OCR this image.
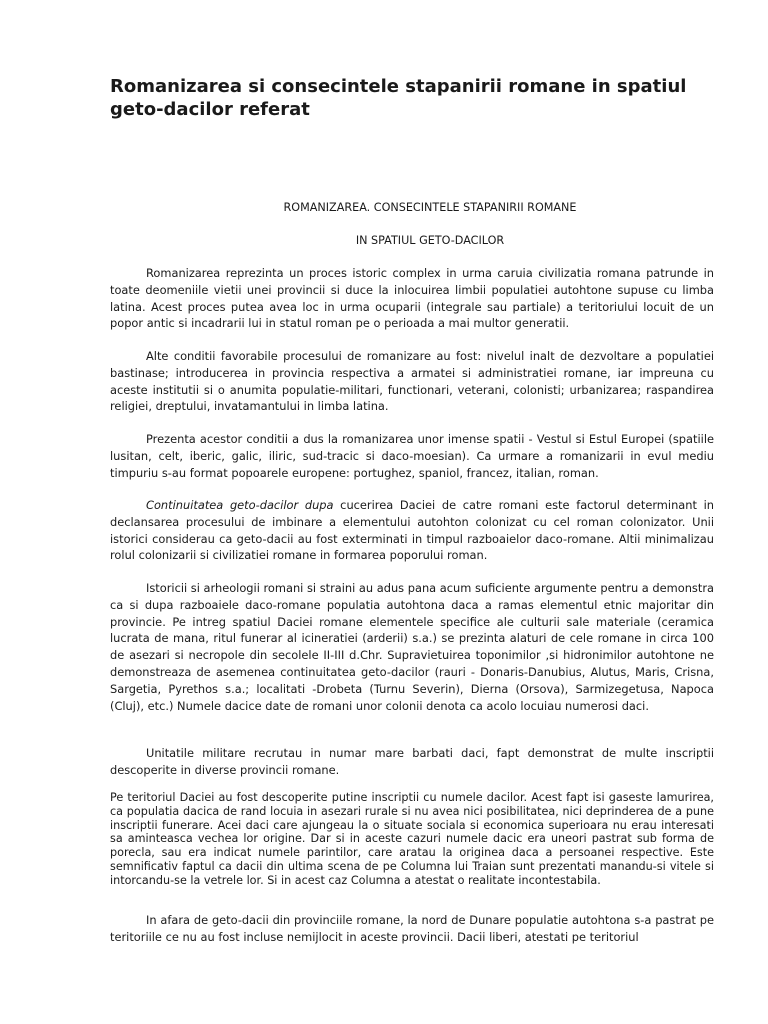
Romanizarea si consecintele stapanirii romane in spatiul geto-dacilor referat

ROMANIZAREA. CONSECINTELE STAPANIRII ROMANE

IN SPATIUL GETO-DACILOR

Romanizarea reprezinta un proces istoric complex in urma caruia civilizatia romana patrunde in toate deomeniile vietii unei provincii si duce la inlocuirea limbii populatiei autohtone supuse cu limba latina. Acest proces putea avea loc in urma ocuparii (integrale sau partiale) a teritoriului locuit de un popor antic si incadrarii lui in statul roman pe o perioada a mai multor generatii.

Alte conditii favorabile procesului de romanizare au fost: nivelul inalt de dezvoltare a populatiei bastinase; introducerea in provincia respectiva a armatei si administratiei romane, iar impreuna cu aceste institutii si o anumita populatie-militari, functionari, veterani, colonisti; urbanizarea; raspandirea religiei, dreptului, invatamantului in limba latina.

Prezenta acestor conditii a dus la romanizarea unor imense spatii - Vestul si Estul Europei (spatiile lusitan, celt, iberic, galic, iliric, sud-tracic si daco-moesian). Ca urmare a romanizarii in evul mediu timpuriu s-au format popoarele europene: portughez, spaniol, francez, italian, roman.

Continuitatea geto-dacilor dupa cucerirea Daciei de catre romani este factorul determinant in declansarea procesului de imbinare a elementului autohton colonizat cu cel roman colonizator. Unii istorici considerau ca geto-dacii au fost exterminati in timpul razboaielor daco-romane. Altii minimalizau rolul colonizarii si civilizatiei romane in formarea poporului roman.

Istoricii si arheologii romani si straini au adus pana acum suficiente argumente pentru a demonstra ca si dupa razboaiele daco-romane populatia autohtona daca a ramas elementul etnic majoritar din provincie. Pe intreg spatiul Daciei romane elementele specifice ale culturii sale materiale (ceramica lucrata de mana, ritul funerar al icineratiei (arderii) s.a.) se prezinta alaturi de cele romane in circa 100 de asezari si necropole din secolele II-III d.Chr. Supravietuirea toponimilor ,si hidronimilor autohtone ne demonstreaza de asemenea continuitatea geto-dacilor (rauri - Donaris-Danubius, Alutus, Maris, Crisna, Sargetia, Pyrethos s.a.; localitati -Drobeta (Turnu Severin), Dierna (Orsova), Sarmizegetusa, Napoca (Cluj), etc.) Numele dacice date de romani unor colonii denota ca acolo locuiau numerosi daci.

Unitatile militare recrutau in numar mare barbati daci, fapt demonstrat de multe inscriptii descoperite in diverse provincii romane.

Pe teritoriul Daciei au fost descoperite putine inscriptii cu numele dacilor. Acest fapt isi gaseste lamurirea, ca populatia dacica de rand locuia in asezari rurale si nu avea nici posibilitatea, nici deprinderea de a pune inscriptii funerare. Acei daci care ajungeau la o situate sociala si economica superioara nu erau interesati sa aminteasca vechea lor origine. Dar si in aceste cazuri numele dacic era uneori pastrat sub forma de porecla, sau era indicat numele parintilor, care aratau la originea daca a persoanei respective. Este semnificativ faptul ca dacii din ultima scena de pe Columna lui Traian sunt prezentati manandu-si vitele si intorcandu-se la vetrele lor. Si in acest caz Columna a atestat o realitate incontestabila.

In afara de geto-dacii din provinciile romane, la nord de Dunare populatie autohtona s-a pastrat pe teritoriile ce nu au fost incluse nemijlocit in aceste provincii. Dacii liberi, atestati pe teritoriul
